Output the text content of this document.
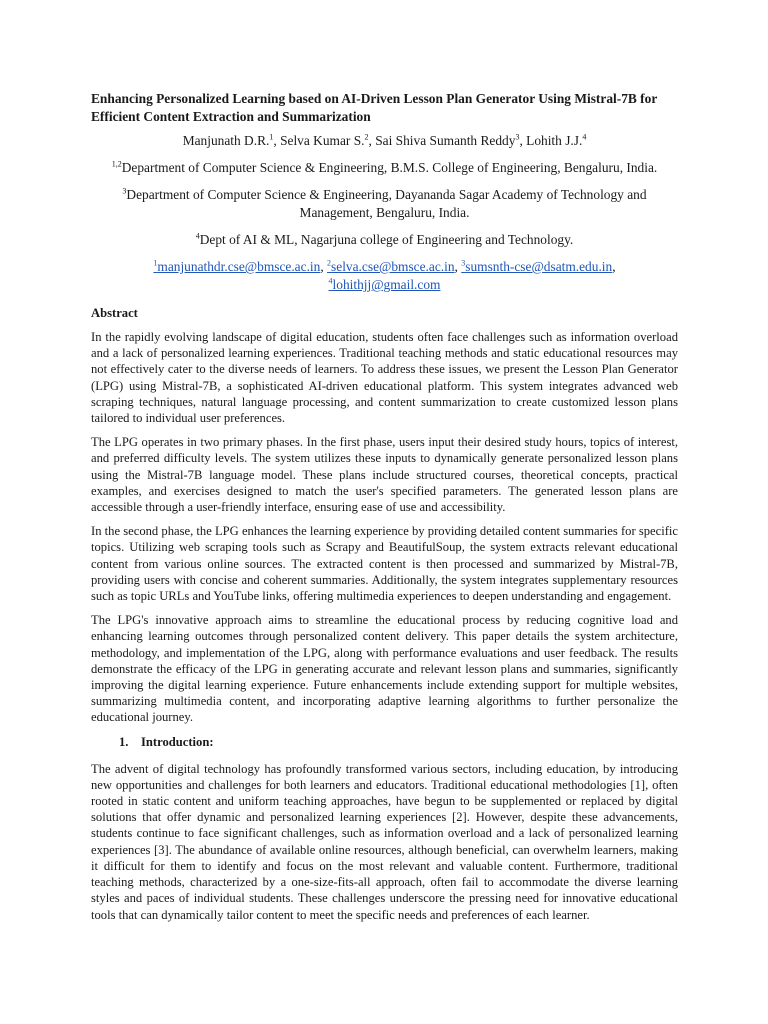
Enhancing Personalized Learning based on AI-Driven Lesson Plan Generator Using Mistral-7B for Efficient Content Extraction and Summarization
Manjunath D.R.$^1$, Selva Kumar S.$^2$, Sai Shiva Sumanth Reddy$^3$, Lohith J.J.$^4$
$^{1,2}$Department of Computer Science & Engineering, B.M.S. College of Engineering, Bengaluru, India.
$^3$Department of Computer Science & Engineering, Dayananda Sagar Academy of Technology and Management, Bengaluru, India.
$^4$Dept of AI & ML, Nagarjuna college of Engineering and Technology.
$^1$manjunathdr.cse@bmsce.ac.in, $^2$selva.cse@bmsce.ac.in, $^3$sumsnth-cse@dsatm.edu.in,
$^4$lohithjj@gmail.com
Abstract

In the rapidly evolving landscape of digital education, students often face challenges such as information overload and a lack of personalized learning experiences. Traditional teaching methods and static educational resources may not effectively cater to the diverse needs of learners. To address these issues, we present the Lesson Plan Generator (LPG) using Mistral-7B, a sophisticated AI-driven educational platform. This system integrates advanced web scraping techniques, natural language processing, and content summarization to create customized lesson plans tailored to individual user preferences.

The LPG operates in two primary phases. In the first phase, users input their desired study hours, topics of interest, and preferred difficulty levels. The system utilizes these inputs to dynamically generate personalized lesson plans using the Mistral-7B language model. These plans include structured courses, theoretical concepts, practical examples, and exercises designed to match the user's specified parameters. The generated lesson plans are accessible through a user-friendly interface, ensuring ease of use and accessibility.

In the second phase, the LPG enhances the learning experience by providing detailed content summaries for specific topics. Utilizing web scraping tools such as Scrapy and BeautifulSoup, the system extracts relevant educational content from various online sources. The extracted content is then processed and summarized by Mistral-7B, providing users with concise and coherent summaries. Additionally, the system integrates supplementary resources such as topic URLs and YouTube links, offering multimedia experiences to deepen understanding and engagement.

The LPG's innovative approach aims to streamline the educational process by reducing cognitive load and enhancing learning outcomes through personalized content delivery. This paper details the system architecture, methodology, and implementation of the LPG, along with performance evaluations and user feedback. The results demonstrate the efficacy of the LPG in generating accurate and relevant lesson plans and summaries, significantly improving the digital learning experience. Future enhancements include extending support for multiple websites, summarizing multimedia content, and incorporating adaptive learning algorithms to further personalize the educational journey.

1. Introduction:

The advent of digital technology has profoundly transformed various sectors, including education, by introducing new opportunities and challenges for both learners and educators. Traditional educational methodologies [1], often rooted in static content and uniform teaching approaches, have begun to be supplemented or replaced by digital solutions that offer dynamic and personalized learning experiences [2]. However, despite these advancements, students continue to face significant challenges, such as information overload and a lack of personalized learning experiences [3]. The abundance of available online resources, although beneficial, can overwhelm learners, making it difficult for them to identify and focus on the most relevant and valuable content. Furthermore, traditional teaching methods, characterized by a one-size-fits-all approach, often fail to accommodate the diverse learning styles and paces of individual students. These challenges underscore the pressing need for innovative educational tools that can dynamically tailor content to meet the specific needs and preferences of each learner.
